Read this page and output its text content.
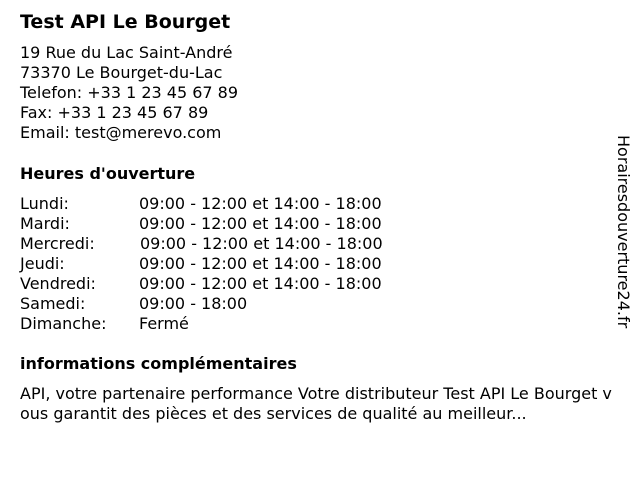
Test API Le Bourget
19 Rue du Lac Saint-André
73370 Le Bourget-du-Lac
Telefon: +33 1 23 45 67 89
Fax: +33 1 23 45 67 89
Email: test@merevo.com
Heures d'ouverture
Lundi:	09:00 - 12:00 et 14:00 - 18:00
Mardi:	09:00 - 12:00 et 14:00 - 18:00
Mercredi:	09:00 - 12:00 et 14:00 - 18:00
Jeudi:	09:00 - 12:00 et 14:00 - 18:00
Vendredi:	09:00 - 12:00 et 14:00 - 18:00
Samedi:	09:00 - 18:00
Dimanche: Fermé
informations complémentaires

API, votre partenaire performance Votre distributeur Test API Le Bourget vous garantit des pièces et des services de qualité au meilleur...

Horairesdouverture24.fr
